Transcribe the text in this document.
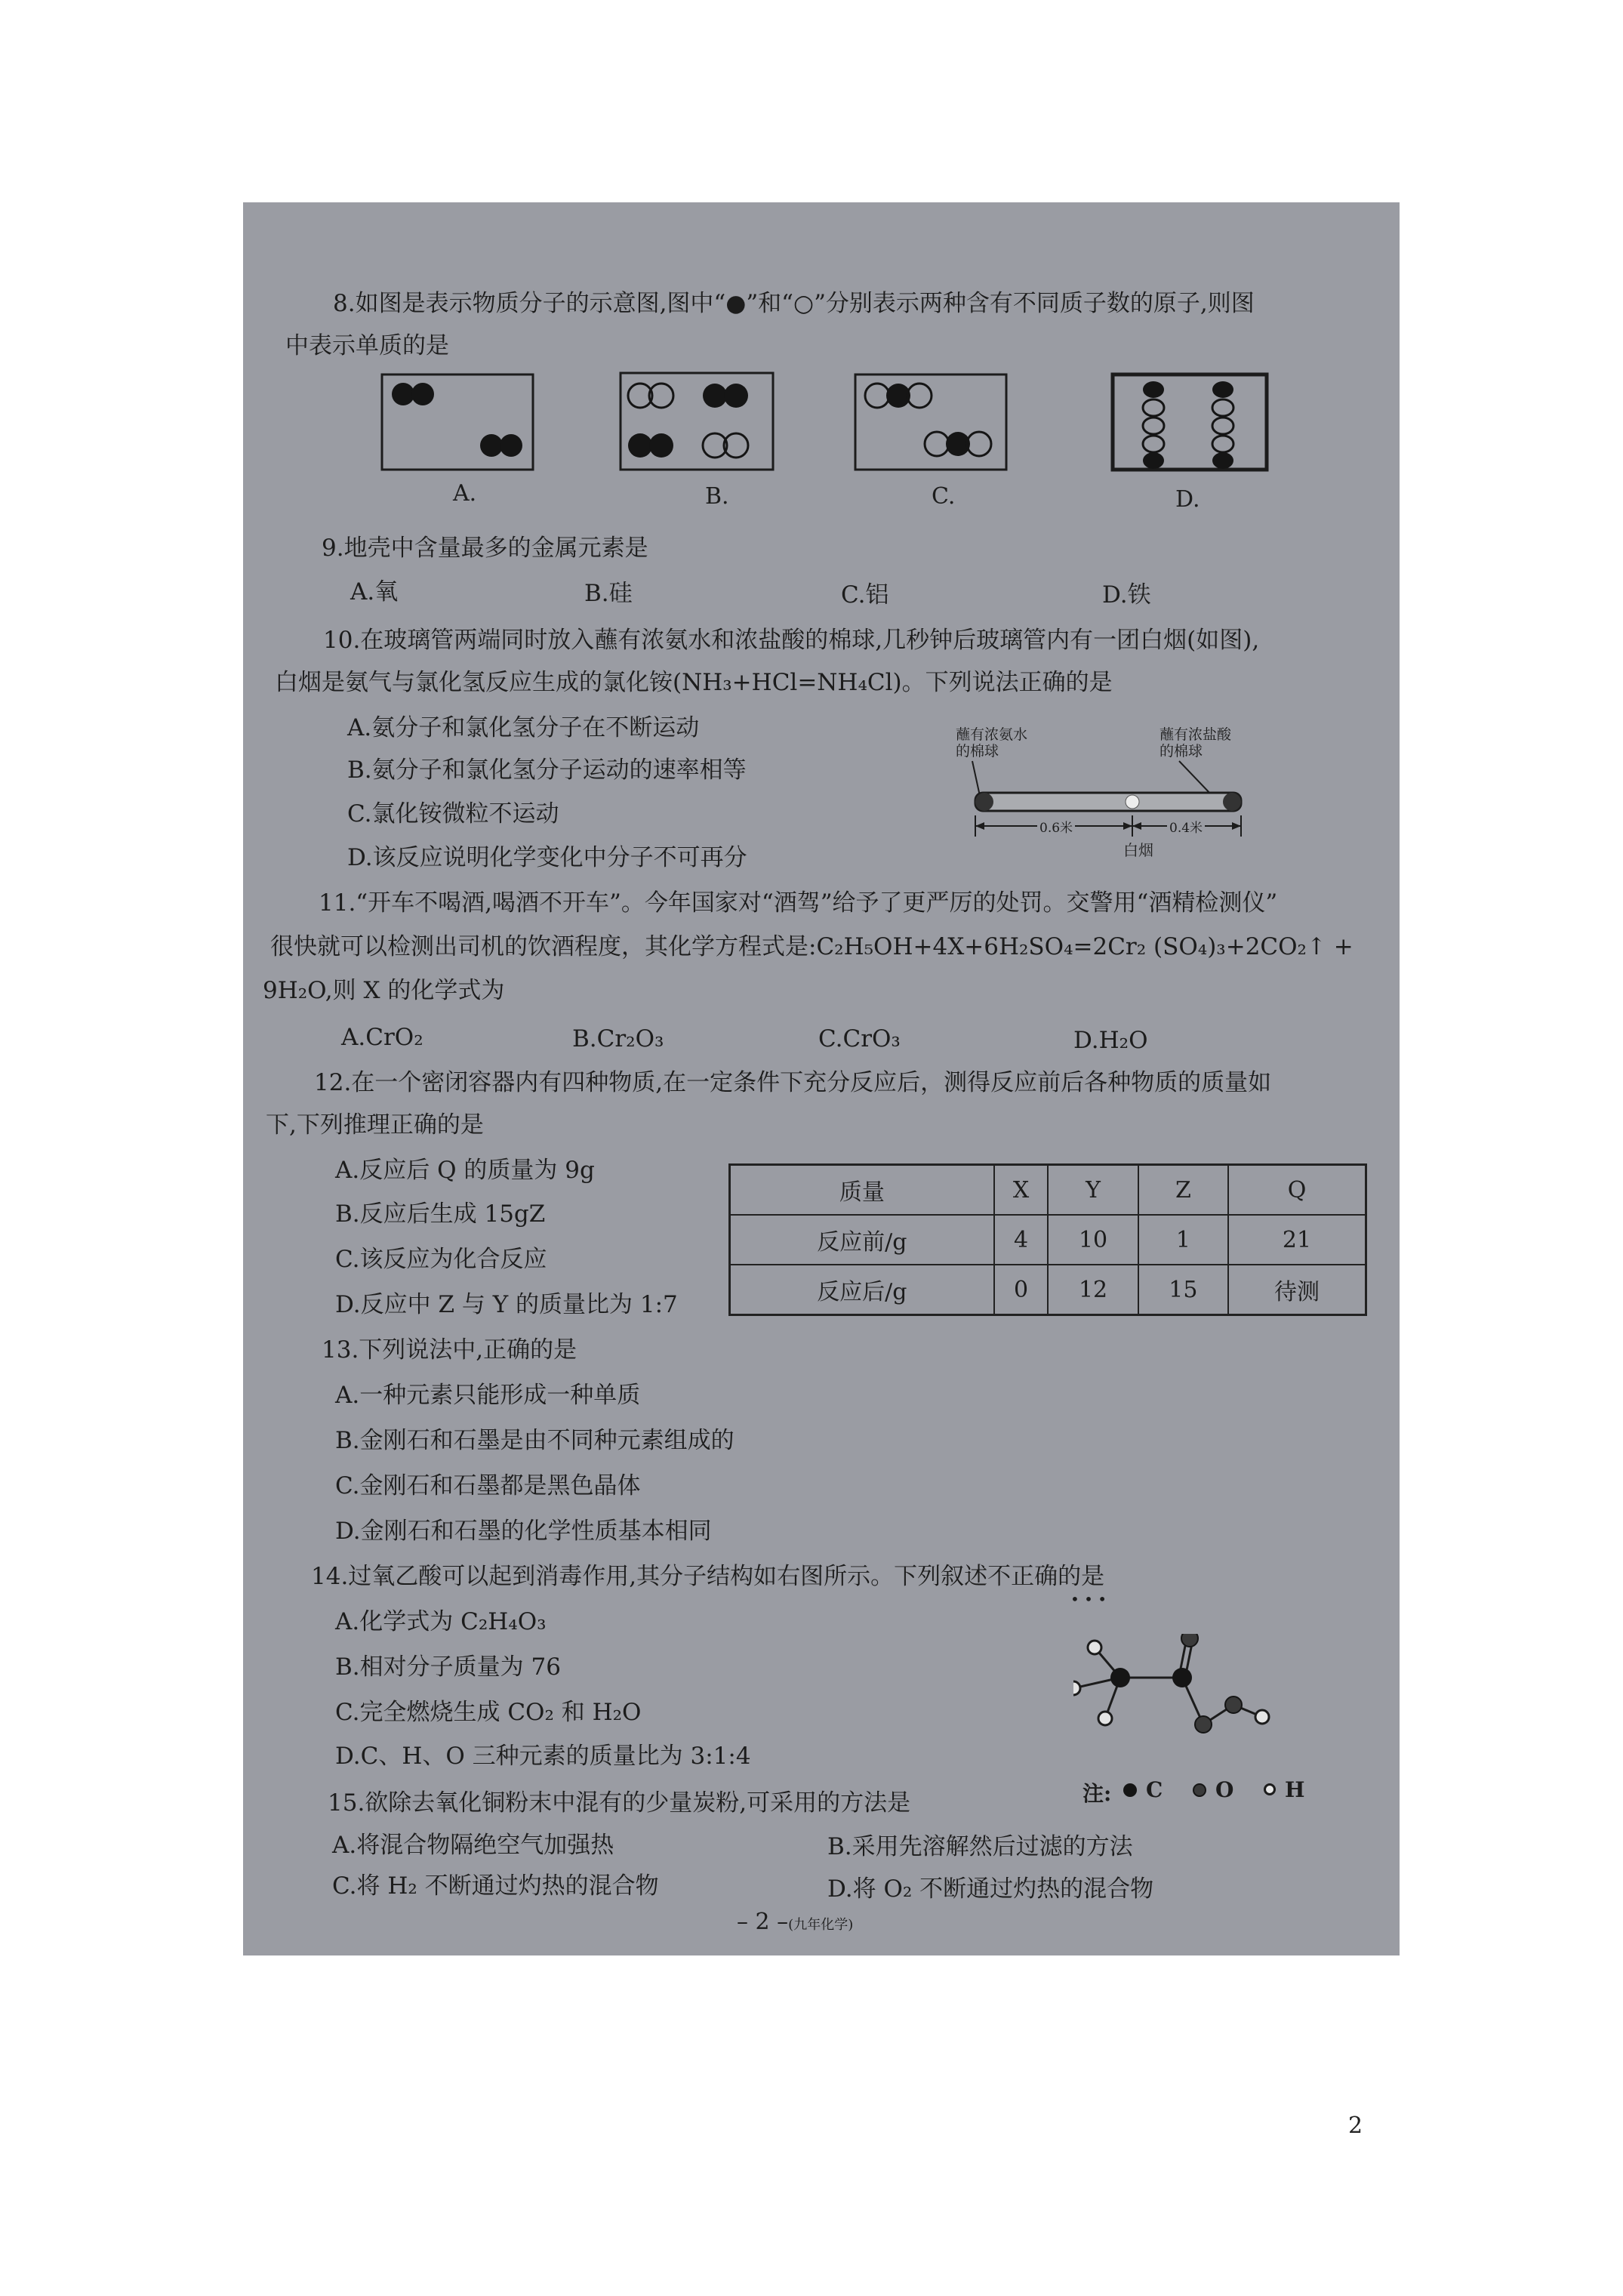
8.如图是表示物质分子的示意图,图中“●”和“○”分别表示两种含有不同质子数的原子,则图
中表示单质的是
A.	B.	C.	D.
9.地壳中含量最多的金属元素是
A.氧	B.硅	C.铝	D.铁
10.在玻璃管两端同时放入蘸有浓氨水和浓盐酸的棉球,几秒钟后玻璃管内有一团白烟(如图),
白烟是氨气与氯化氢反应生成的氯化铵(NH₃+HCl=NH₄Cl)。下列说法正确的是
A.氨分子和氯化氢分子在不断运动
B.氨分子和氯化氢分子运动的速率相等
C.氯化铵微粒不运动
D.该反应说明化学变化中分子不可再分
蘸有浓氨水
的棉球
蘸有浓盐酸
的棉球
0.6米	0.4米
白烟
11.“开车不喝酒,喝酒不开车”。今年国家对“酒驾”给予了更严厉的处罚。交警用“酒精检测仪”
很快就可以检测出司机的饮酒程度，其化学方程式是:C₂H₅OH+4X+6H₂SO₄=2Cr₂ (SO₄)₃+2CO₂↑ +
9H₂O,则 X 的化学式为
A.CrO₂	B.Cr₂O₃	C.CrO₃	D.H₂O
12.在一个密闭容器内有四种物质,在一定条件下充分反应后，测得反应前后各种物质的质量如
下,下列推理正确的是
A.反应后 Q 的质量为 9g
B.反应后生成 15gZ
C.该反应为化合反应
D.反应中 Z 与 Y 的质量比为 1:7
质量	X	Y	Z	Q
反应前/g	4	10	1	21
反应后/g	0	12	15	待测
13.下列说法中,正确的是
A.一种元素只能形成一种单质
B.金刚石和石墨是由不同种元素组成的
C.金刚石和石墨都是黑色晶体
D.金刚石和石墨的化学性质基本相同
14.过氧乙酸可以起到消毒作用,其分子结构如右图所示。下列叙述不正确的是
• • •
A.化学式为 C₂H₄O₃
B.相对分子质量为 76
C.完全燃烧生成 CO₂ 和 H₂O
D.C、H、O 三种元素的质量比为 3:1:4
注: C O H
15.欲除去氧化铜粉末中混有的少量炭粉,可采用的方法是
A.将混合物隔绝空气加强热	B.采用先溶解然后过滤的方法
C.将 H₂ 不断通过灼热的混合物	D.将 O₂ 不断通过灼热的混合物
– 2 –(九年化学)
2
